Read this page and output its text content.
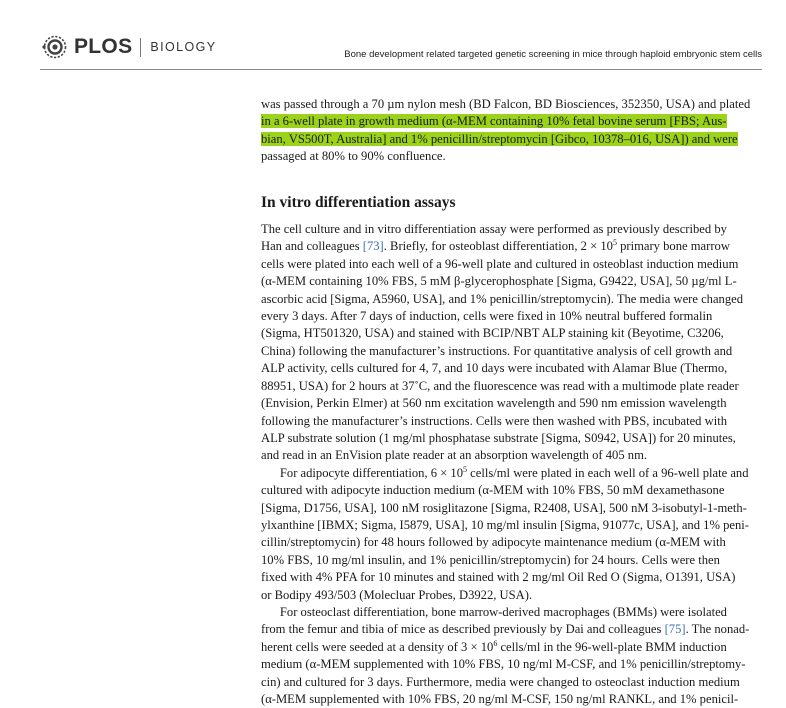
PLOS BIOLOGY
Bone development related targeted genetic screening in mice through haploid embryonic stem cells

was passed through a 70 µm nylon mesh (BD Falcon, BD Biosciences, 352350, USA) and plated
in a 6-well plate in growth medium (α-MEM containing 10% fetal bovine serum [FBS; Aus-
bian, VS500T, Australia] and 1% penicillin/streptomycin [Gibco, 10378–016, USA]) and were
passaged at 80% to 90% confluence.

In vitro differentiation assays

The cell culture and in vitro differentiation assay were performed as previously described by
Han and colleagues [73]. Briefly, for osteoblast differentiation, $2 \times 10^5$ primary bone marrow
cells were plated into each well of a 96-well plate and cultured in osteoblast induction medium
(α-MEM containing 10% FBS, 5 mM β-glycerophosphate [Sigma, G9422, USA], 50 µg/ml L-
ascorbic acid [Sigma, A5960, USA], and 1% penicillin/streptomycin). The media were changed
every 3 days. After 7 days of induction, cells were fixed in 10% neutral buffered formalin
(Sigma, HT501320, USA) and stained with BCIP/NBT ALP staining kit (Beyotime, C3206,
China) following the manufacturer’s instructions. For quantitative analysis of cell growth and
ALP activity, cells cultured for 4, 7, and 10 days were incubated with Alamar Blue (Thermo,
88951, USA) for 2 hours at 37˚C, and the fluorescence was read with a multimode plate reader
(Envision, Perkin Elmer) at 560 nm excitation wavelength and 590 nm emission wavelength
following the manufacturer’s instructions. Cells were then washed with PBS, incubated with
ALP substrate solution (1 mg/ml phosphatase substrate [Sigma, S0942, USA]) for 20 minutes,
and read in an EnVision plate reader at an absorption wavelength of 405 nm.

  For adipocyte differentiation, $6 \times 10^5$ cells/ml were plated in each well of a 96-well plate and
cultured with adipocyte induction medium (α-MEM with 10% FBS, 50 mM dexamethasone
[Sigma, D1756, USA], 100 nM rosiglitazone [Sigma, R2408, USA], 500 nM 3-isobutyl-1-meth-
ylxanthine [IBMX; Sigma, I5879, USA], 10 mg/ml insulin [Sigma, 91077c, USA], and 1% peni-
cillin/streptomycin) for 48 hours followed by adipocyte maintenance medium (α-MEM with
10% FBS, 10 mg/ml insulin, and 1% penicillin/streptomycin) for 24 hours. Cells were then
fixed with 4% PFA for 10 minutes and stained with 2 mg/ml Oil Red O (Sigma, O1391, USA)
or Bodipy 493/503 (Molecluar Probes, D3922, USA).

  For osteoclast differentiation, bone marrow-derived macrophages (BMMs) were isolated
from the femur and tibia of mice as described previously by Dai and colleagues [75]. The nonad-
herent cells were seeded at a density of $3 \times 10^6$ cells/ml in the 96-well-plate BMM induction
medium (α-MEM supplemented with 10% FBS, 10 ng/ml M-CSF, and 1% penicillin/streptomy-
cin) and cultured for 3 days. Furthermore, media were changed to osteoclast induction medium
(α-MEM supplemented with 10% FBS, 20 ng/ml M-CSF, 150 ng/ml RANKL, and 1% penicil-
